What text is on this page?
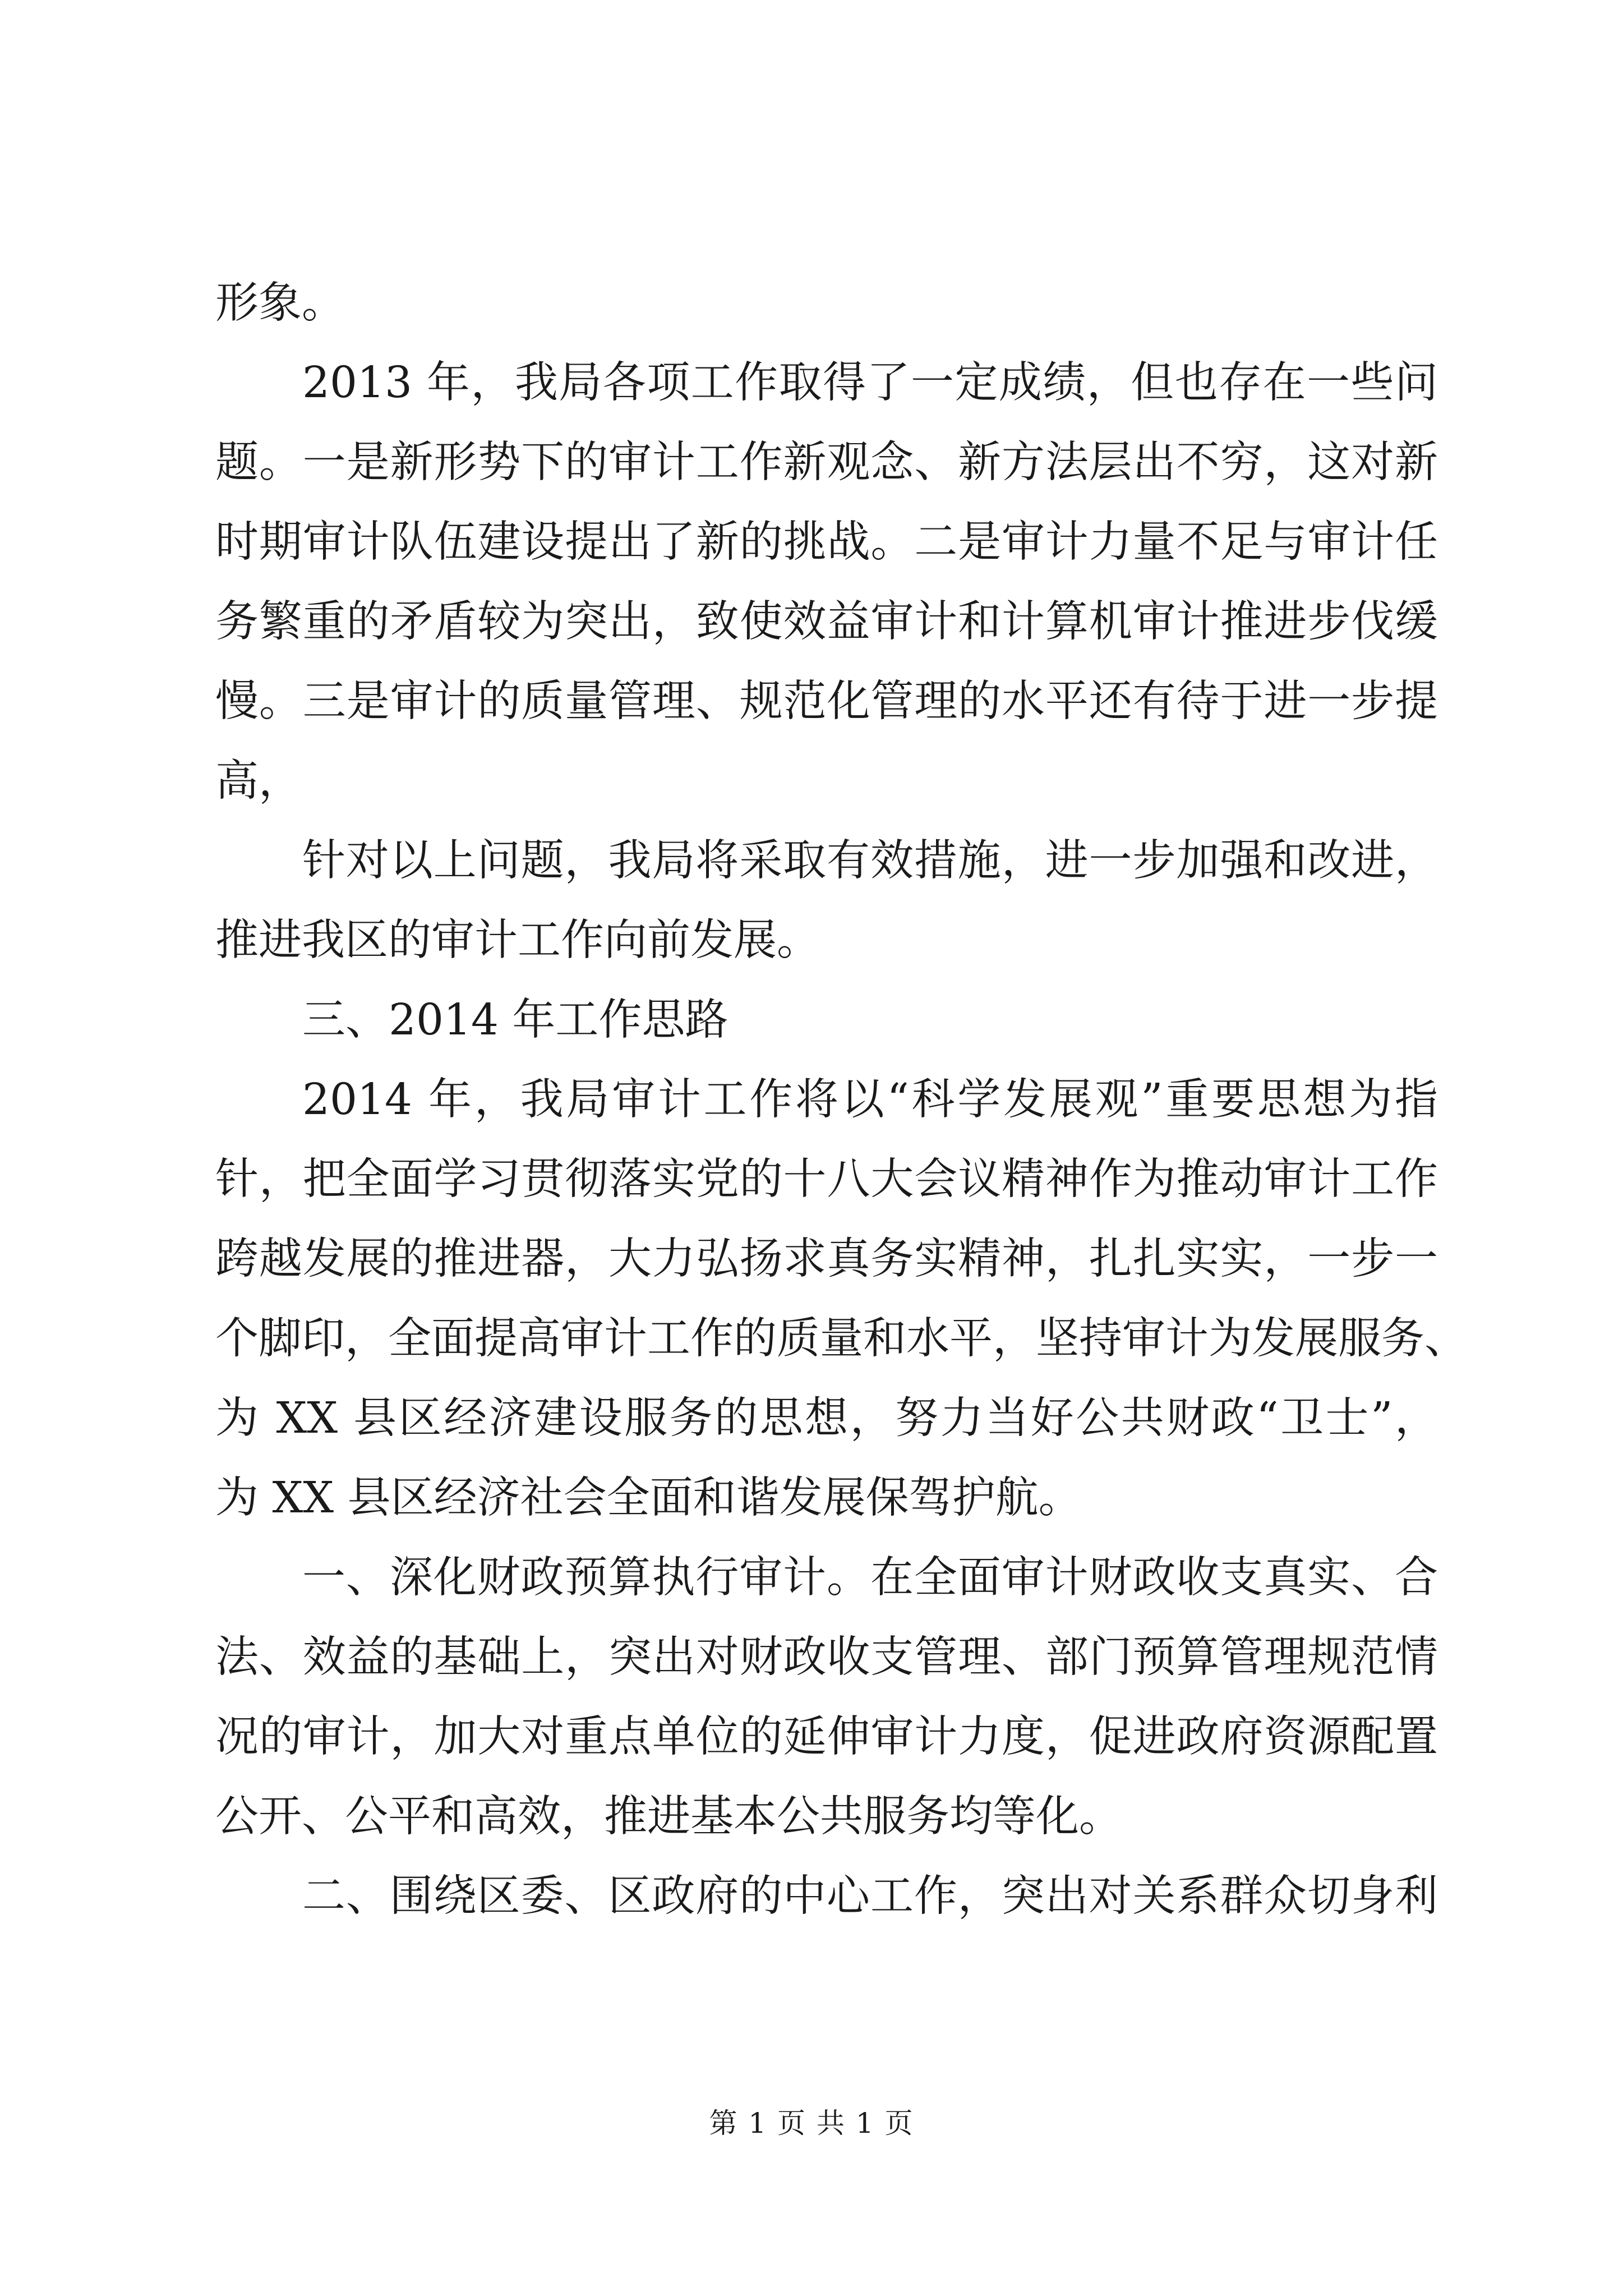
形象。
2013 年，我局各项工作取得了一定成绩，但也存在一些问
题。一是新形势下的审计工作新观念、新方法层出不穷，这对新
时期审计队伍建设提出了新的挑战。二是审计力量不足与审计任
务繁重的矛盾较为突出，致使效益审计和计算机审计推进步伐缓
慢。三是审计的质量管理、规范化管理的水平还有待于进一步提
高，
针对以上问题，我局将采取有效措施，进一步加强和改进，
推进我区的审计工作向前发展。
三、2014 年工作思路
2014 年，我局审计工作将以“科学发展观”重要思想为指
针，把全面学习贯彻落实党的十八大会议精神作为推动审计工作
跨越发展的推进器，大力弘扬求真务实精神，扎扎实实，一步一
个脚印，全面提高审计工作的质量和水平，坚持审计为发展服务、
为 XX 县区经济建设服务的思想，努力当好公共财政“卫士”，
为 XX 县区经济社会全面和谐发展保驾护航。
一、深化财政预算执行审计。在全面审计财政收支真实、合
法、效益的基础上，突出对财政收支管理、部门预算管理规范情
况的审计，加大对重点单位的延伸审计力度，促进政府资源配置
公开、公平和高效，推进基本公共服务均等化。
二、围绕区委、区政府的中心工作，突出对关系群众切身利
第 1 页 共 1 页
